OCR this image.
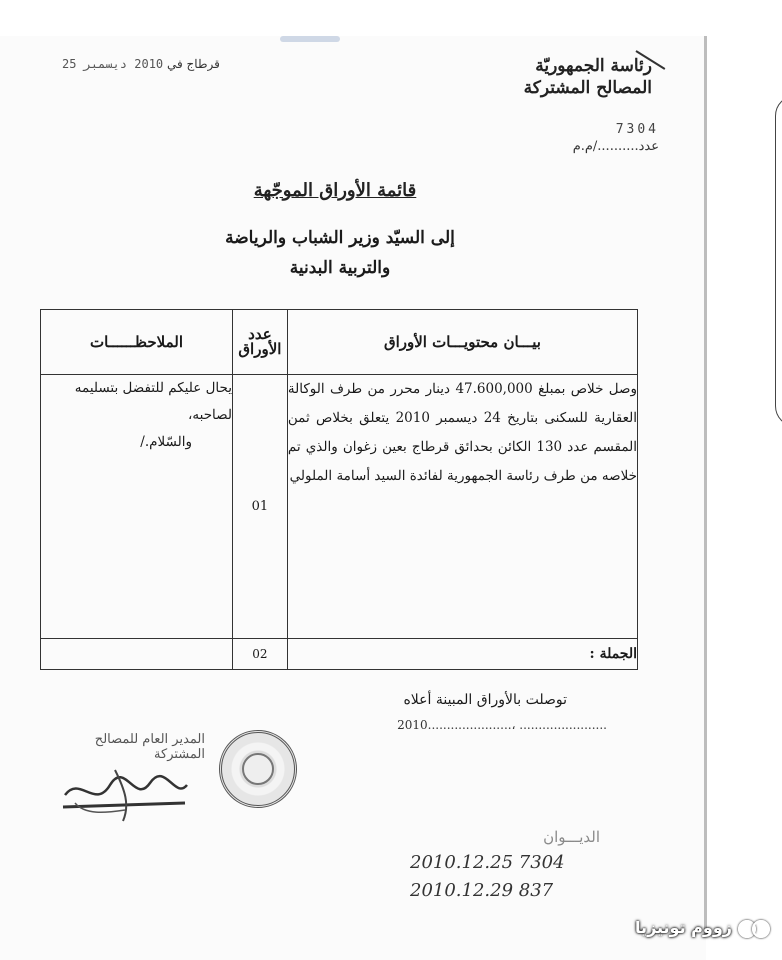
رئاسة الجمهوريّة
المصالح المشتركة
7304
عدد........../م.م
قرطاج في 2010 ديسمبر 25
قائمة الأوراق الموجّهة
إلى السيّد وزير الشباب والرياضة
والتربية البدنية
بيـــان محتويـــات الأوراق	عدد الأوراق	الملاحظــــــات
وصل خلاص بمبلغ 47.600,000 دينار محرر من طرف الوكالة العقارية للسكنى بتاريخ 24 ديسمبر 2010 يتعلق بخلاص ثمن المقسم عدد 130 الكائن بحدائق قرطاج بعين زغوان والذي تم خلاصه من طرف رئاسة الجمهورية لفائدة السيد أسامة الملولي	01	يحال عليكم للتفضل بتسليمه لصاحبه،
والسّلام./

الجملة :	02	
توصلت بالأوراق المبينة أعلاه
2010......................، .......................
المدير العام للمصالح المشتركة
الديـــوان
2010.12.25 7304
2010.12.29 837
زووم تونيزيا
